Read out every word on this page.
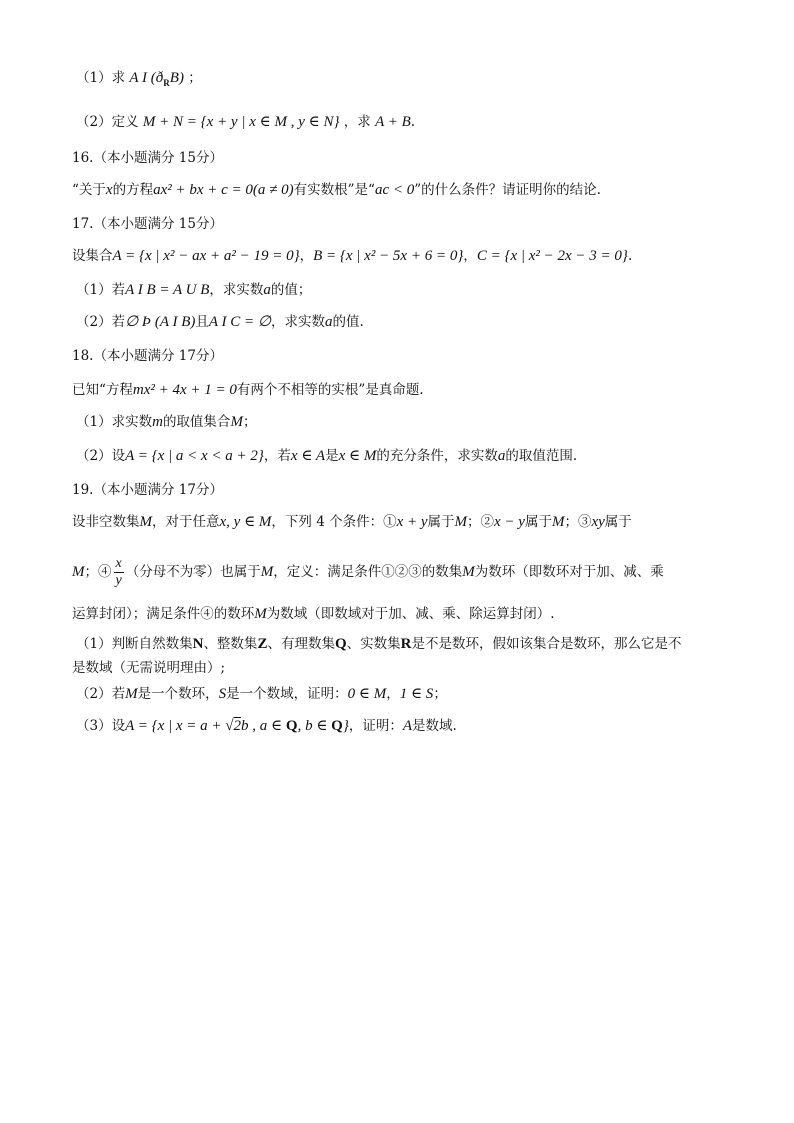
（1）求 A I $(ð_RB)$ ；
（2）定义 M + N = {x + y | x ∈ M , y ∈ N} ，求 A + B.
16.（本小题满分 15分）
“关于x的方程ax² + bx + c = 0(a ≠ 0)有实数根”是“ac < 0”的什么条件？请证明你的结论.
17.（本小题满分 15分）
设集合A = {x | x² − ax + a² − 19 = 0}，B = {x | x² − 5x + 6 = 0}，C = {x | x² − 2x − 3 = 0}.
（1）若A I B = A U B，求实数a的值；
（2）若∅ Þ (A I B)且A I C = ∅，求实数a的值.
18.（本小题满分 17分）
已知“方程mx² + 4x + 1 = 0有两个不相等的实根”是真命题.
（1）求实数m的取值集合M；
（2）设A = {x | a < x < a + 2}，若x ∈ A是x ∈ M的充分条件，求实数a的取值范围.
19.（本小题满分 17分）
设非空数集M，对于任意x, y ∈ M，下列 4 个条件：①x + y属于M；②x − y属于M；③xy属于
M；④ $\frac{x}{y}$ （分母不为零）也属于M，定义：满足条件①②③的数集M为数环（即数环对于加、减、乘
运算封闭）；满足条件④的数环M为数域（即数域对于加、减、乘、除运算封闭）.
（1）判断自然数集N、整数集Z、有理数集Q、实数集R是不是数环，假如该集合是数环，那么它是不
是数域（无需说明理由）;
（2）若M是一个数环，S是一个数域，证明：0 ∈ M，1 ∈ S；
（3）设A = {x | x = a + √2b , a ∈ Q, b ∈ Q}，证明：A是数域.
